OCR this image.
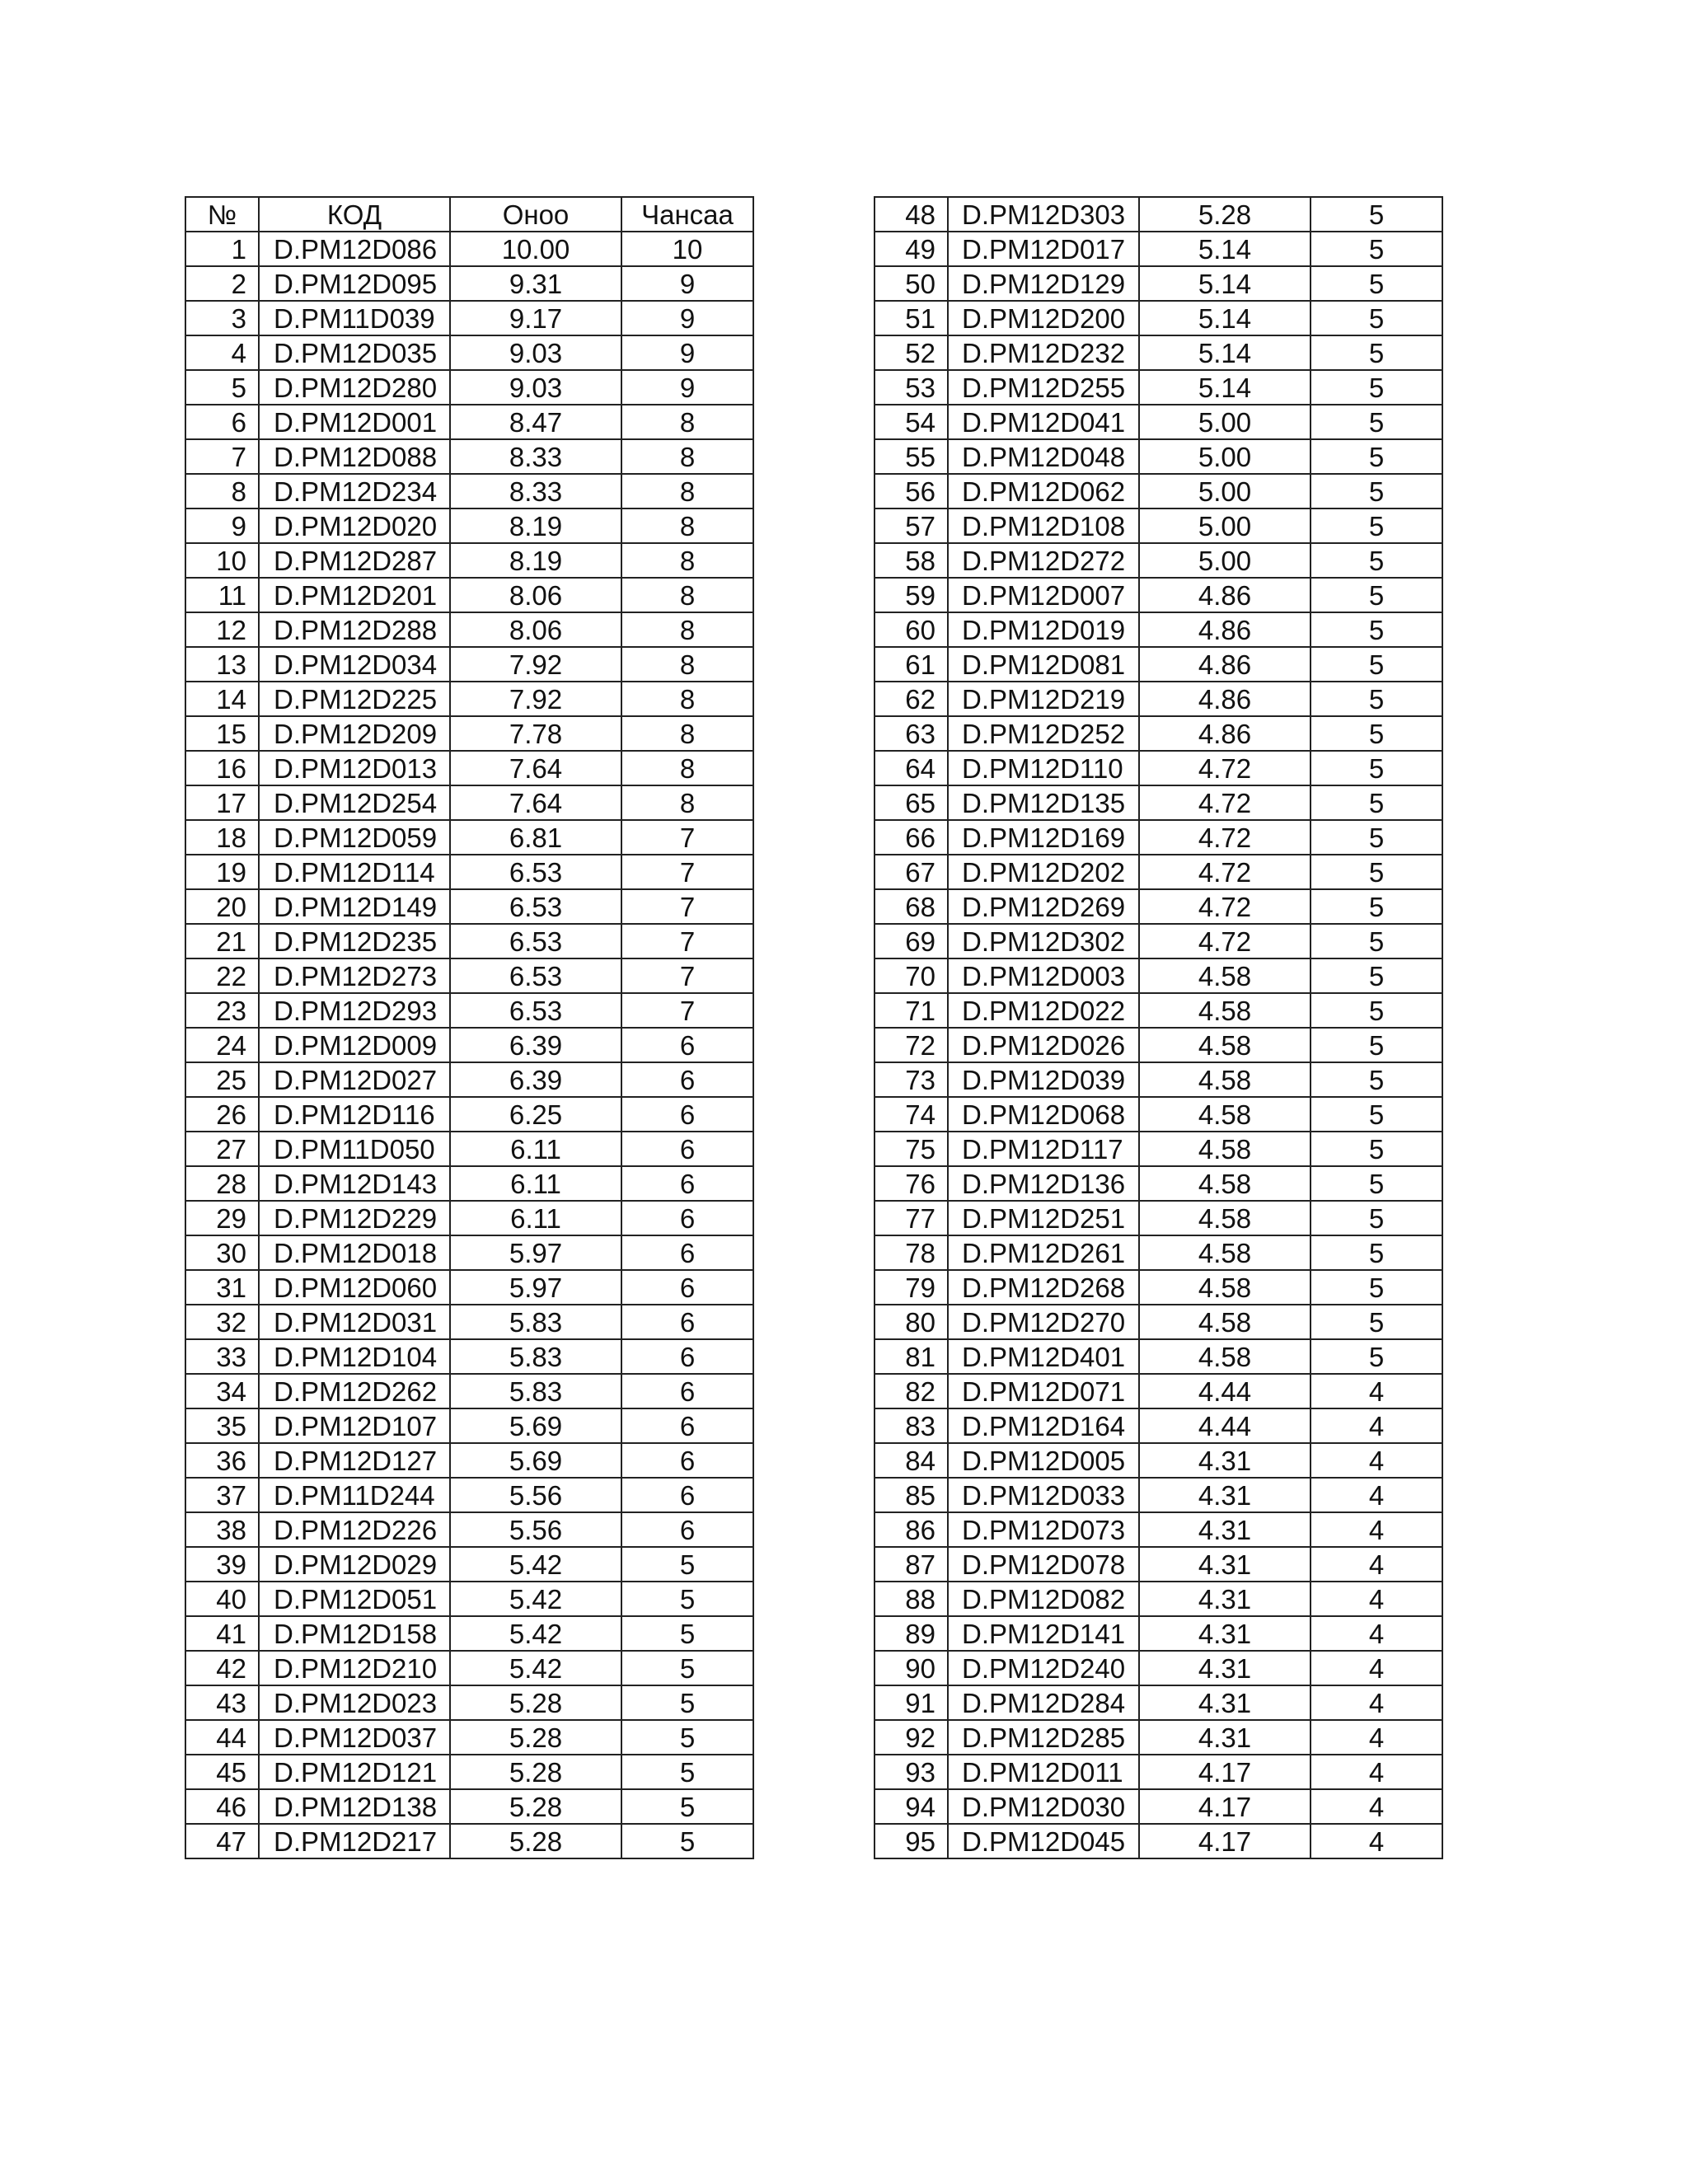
№	КОД	Оноо	Чансаа
1	D.PM12D086	10.00	10
2	D.PM12D095	9.31	9
3	D.PM11D039	9.17	9
4	D.PM12D035	9.03	9
5	D.PM12D280	9.03	9
6	D.PM12D001	8.47	8
7	D.PM12D088	8.33	8
8	D.PM12D234	8.33	8
9	D.PM12D020	8.19	8
10	D.PM12D287	8.19	8
11	D.PM12D201	8.06	8
12	D.PM12D288	8.06	8
13	D.PM12D034	7.92	8
14	D.PM12D225	7.92	8
15	D.PM12D209	7.78	8
16	D.PM12D013	7.64	8
17	D.PM12D254	7.64	8
18	D.PM12D059	6.81	7
19	D.PM12D114	6.53	7
20	D.PM12D149	6.53	7
21	D.PM12D235	6.53	7
22	D.PM12D273	6.53	7
23	D.PM12D293	6.53	7
24	D.PM12D009	6.39	6
25	D.PM12D027	6.39	6
26	D.PM12D116	6.25	6
27	D.PM11D050	6.11	6
28	D.PM12D143	6.11	6
29	D.PM12D229	6.11	6
30	D.PM12D018	5.97	6
31	D.PM12D060	5.97	6
32	D.PM12D031	5.83	6
33	D.PM12D104	5.83	6
34	D.PM12D262	5.83	6
35	D.PM12D107	5.69	6
36	D.PM12D127	5.69	6
37	D.PM11D244	5.56	6
38	D.PM12D226	5.56	6
39	D.PM12D029	5.42	5
40	D.PM12D051	5.42	5
41	D.PM12D158	5.42	5
42	D.PM12D210	5.42	5
43	D.PM12D023	5.28	5
44	D.PM12D037	5.28	5
45	D.PM12D121	5.28	5
46	D.PM12D138	5.28	5
47	D.PM12D217	5.28	5
48	D.PM12D303	5.28	5
49	D.PM12D017	5.14	5
50	D.PM12D129	5.14	5
51	D.PM12D200	5.14	5
52	D.PM12D232	5.14	5
53	D.PM12D255	5.14	5
54	D.PM12D041	5.00	5
55	D.PM12D048	5.00	5
56	D.PM12D062	5.00	5
57	D.PM12D108	5.00	5
58	D.PM12D272	5.00	5
59	D.PM12D007	4.86	5
60	D.PM12D019	4.86	5
61	D.PM12D081	4.86	5
62	D.PM12D219	4.86	5
63	D.PM12D252	4.86	5
64	D.PM12D110	4.72	5
65	D.PM12D135	4.72	5
66	D.PM12D169	4.72	5
67	D.PM12D202	4.72	5
68	D.PM12D269	4.72	5
69	D.PM12D302	4.72	5
70	D.PM12D003	4.58	5
71	D.PM12D022	4.58	5
72	D.PM12D026	4.58	5
73	D.PM12D039	4.58	5
74	D.PM12D068	4.58	5
75	D.PM12D117	4.58	5
76	D.PM12D136	4.58	5
77	D.PM12D251	4.58	5
78	D.PM12D261	4.58	5
79	D.PM12D268	4.58	5
80	D.PM12D270	4.58	5
81	D.PM12D401	4.58	5
82	D.PM12D071	4.44	4
83	D.PM12D164	4.44	4
84	D.PM12D005	4.31	4
85	D.PM12D033	4.31	4
86	D.PM12D073	4.31	4
87	D.PM12D078	4.31	4
88	D.PM12D082	4.31	4
89	D.PM12D141	4.31	4
90	D.PM12D240	4.31	4
91	D.PM12D284	4.31	4
92	D.PM12D285	4.31	4
93	D.PM12D011	4.17	4
94	D.PM12D030	4.17	4
95	D.PM12D045	4.17	4
